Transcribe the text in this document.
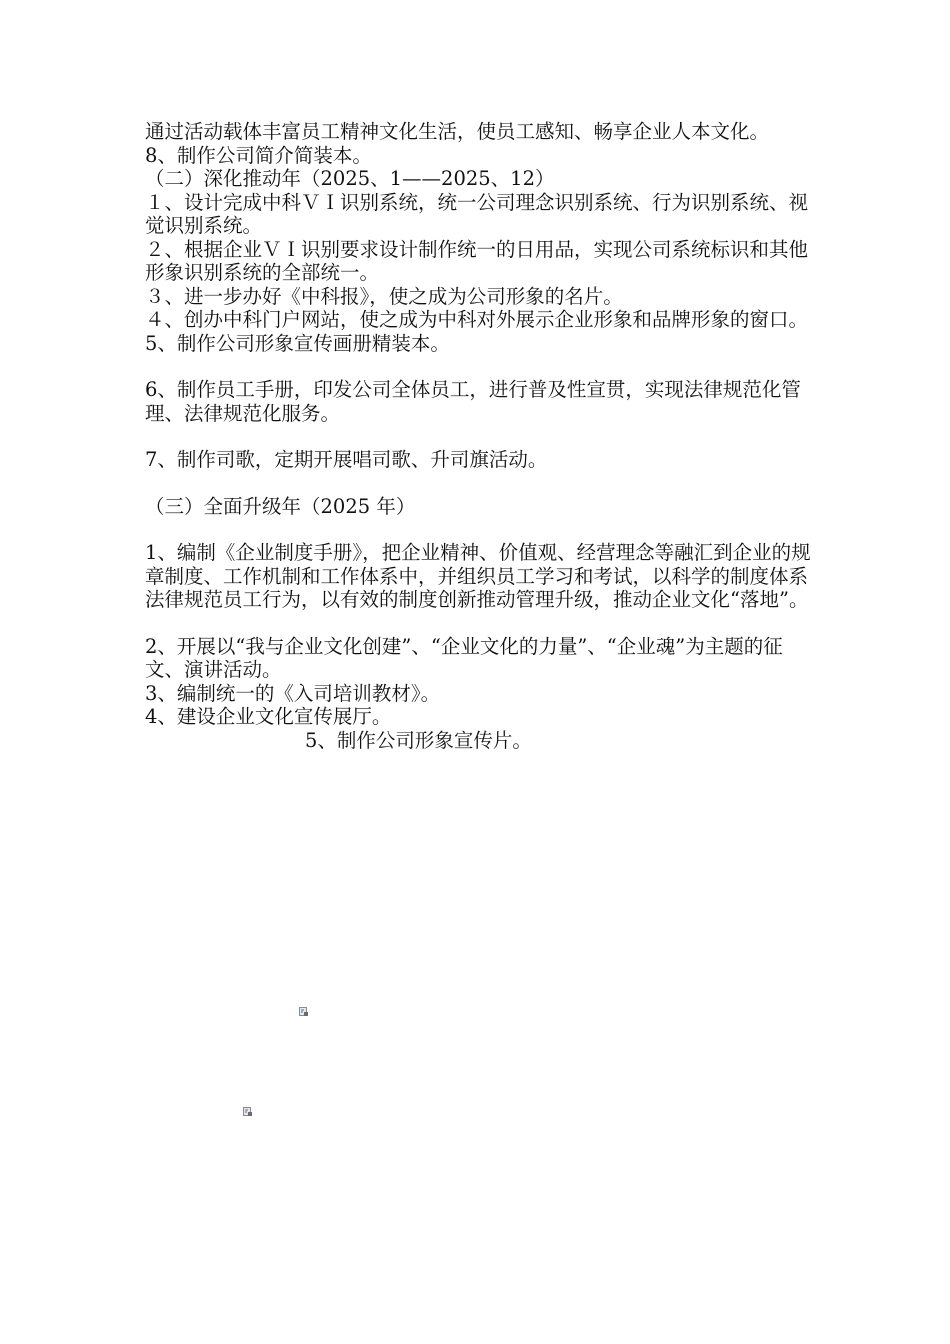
通过活动载体丰富员工精神文化生活，使员工感知、畅享企业人本文化。

8、制作公司简介简装本。

（二）深化推动年（2025、1——2025、12）

１、设计完成中科ＶＩ识别系统，统一公司理念识别系统、行为识别系统、视觉识别系统。

２、根据企业ＶＩ识别要求设计制作统一的日用品，实现公司系统标识和其他形象识别系统的全部统一。

３、进一步办好《中科报》，使之成为公司形象的名片。

４、创办中科门户网站，使之成为中科对外展示企业形象和品牌形象的窗口。

5、制作公司形象宣传画册精装本。

6、制作员工手册，印发公司全体员工，进行普及性宣贯，实现法律规范化管理、法律规范化服务。

7、制作司歌，定期开展唱司歌、升司旗活动。

（三）全面升级年（2025 年）

1、编制《企业制度手册》，把企业精神、价值观、经营理念等融汇到企业的规章制度、工作机制和工作体系中，并组织员工学习和考试，以科学的制度体系法律规范员工行为，以有效的制度创新推动管理升级，推动企业文化“落地”。

2、开展以“我与企业文化创建”、“企业文化的力量”、“企业魂”为主题的征文、演讲活动。

3、编制统一的《入司培训教材》。

4、建设企业文化宣传展厅。

5、制作公司形象宣传片。
